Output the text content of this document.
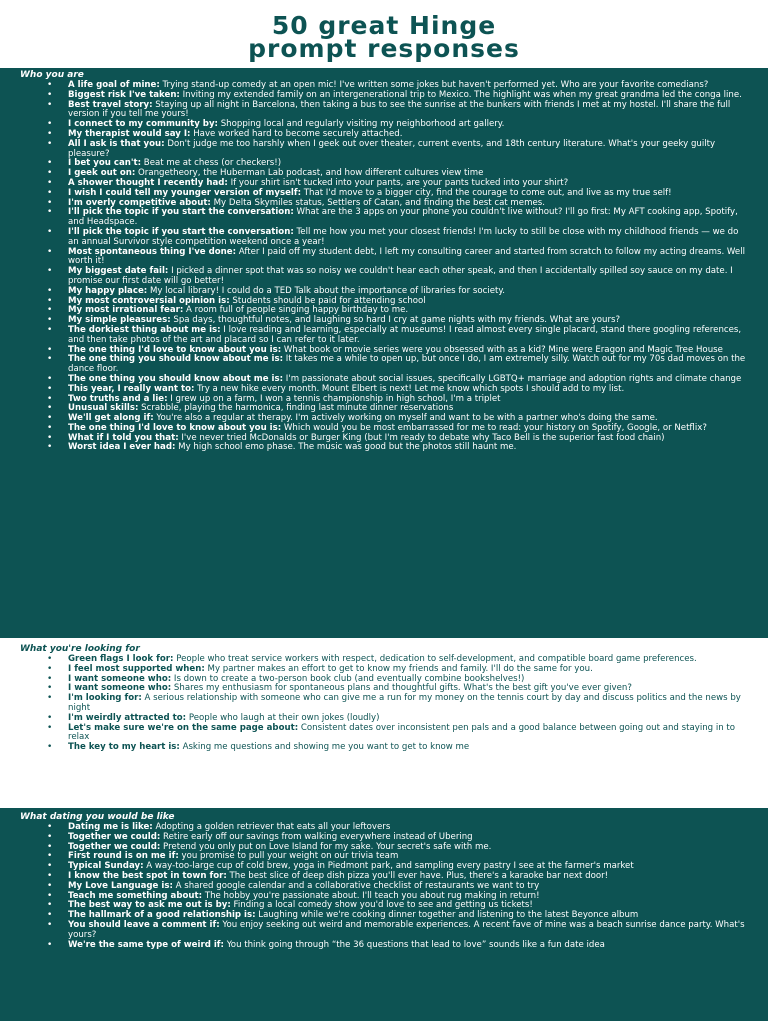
50 great Hinge
prompt responses
Who you are
• A life goal of mine: Trying stand-up comedy at an open mic! I've written some jokes but haven't performed yet. Who are your favorite comedians?
• Biggest risk I've taken: Inviting my extended family on an intergenerational trip to Mexico. The highlight was when my great grandma led the conga line.
• Best travel story: Staying up all night in Barcelona, then taking a bus to see the sunrise at the bunkers with friends I met at my hostel. I'll share the full version if you tell me yours!
• I connect to my community by: Shopping local and regularly visiting my neighborhood art gallery.
• My therapist would say I: Have worked hard to become securely attached.
• All I ask is that you: Don't judge me too harshly when I geek out over theater, current events, and 18th century literature. What's your geeky guilty pleasure?
• I bet you can't: Beat me at chess (or checkers!)
• I geek out on: Orangetheory, the Huberman Lab podcast, and how different cultures view time
• A shower thought I recently had: If your shirt isn't tucked into your pants, are your pants tucked into your shirt?
• I wish I could tell my younger version of myself: That I'd move to a bigger city, find the courage to come out, and live as my true self!
• I'm overly competitive about: My Delta Skymiles status, Settlers of Catan, and finding the best cat memes.
• I'll pick the topic if you start the conversation: What are the 3 apps on your phone you couldn't live without? I'll go first: My AFT cooking app, Spotify, and Headspace.
• I'll pick the topic if you start the conversation: Tell me how you met your closest friends! I'm lucky to still be close with my childhood friends — we do an annual Survivor style competition weekend once a year!
• Most spontaneous thing I've done: After I paid off my student debt, I left my consulting career and started from scratch to follow my acting dreams. Well worth it!
• My biggest date fail: I picked a dinner spot that was so noisy we couldn't hear each other speak, and then I accidentally spilled soy sauce on my date. I promise our first date will go better!
• My happy place: My local library! I could do a TED Talk about the importance of libraries for society.
• My most controversial opinion is: Students should be paid for attending school
• My most irrational fear: A room full of people singing happy birthday to me.
• My simple pleasures: Spa days, thoughtful notes, and laughing so hard I cry at game nights with my friends. What are yours?
• The dorkiest thing about me is: I love reading and learning, especially at museums! I read almost every single placard, stand there googling references, and then take photos of the art and placard so I can refer to it later.
• The one thing I'd love to know about you is: What book or movie series were you obsessed with as a kid? Mine were Eragon and Magic Tree House
• The one thing you should know about me is: It takes me a while to open up, but once I do, I am extremely silly. Watch out for my 70s dad moves on the dance floor.
• The one thing you should know about me is: I'm passionate about social issues, specifically LGBTQ+ marriage and adoption rights and climate change
• This year, I really want to: Try a new hike every month. Mount Elbert is next! Let me know which spots I should add to my list.
• Two truths and a lie: I grew up on a farm, I won a tennis championship in high school, I'm a triplet
• Unusual skills: Scrabble, playing the harmonica, finding last minute dinner reservations
• We'll get along if: You're also a regular at therapy. I'm actively working on myself and want to be with a partner who's doing the same.
• The one thing I'd love to know about you is: Which would you be most embarrassed for me to read: your history on Spotify, Google, or Netflix?
• What if I told you that: I've never tried McDonalds or Burger King (but I'm ready to debate why Taco Bell is the superior fast food chain)
• Worst idea I ever had: My high school emo phase. The music was good but the photos still haunt me.
What you're looking for
• Green flags I look for: People who treat service workers with respect, dedication to self-development, and compatible board game preferences.
• I feel most supported when: My partner makes an effort to get to know my friends and family. I'll do the same for you.
• I want someone who: Is down to create a two-person book club (and eventually combine bookshelves!)
• I want someone who: Shares my enthusiasm for spontaneous plans and thoughtful gifts. What's the best gift you've ever given?
• I'm looking for: A serious relationship with someone who can give me a run for my money on the tennis court by day and discuss politics and the news by night
• I'm weirdly attracted to: People who laugh at their own jokes (loudly)
• Let's make sure we're on the same page about: Consistent dates over inconsistent pen pals and a good balance between going out and staying in to relax
• The key to my heart is: Asking me questions and showing me you want to get to know me
What dating you would be like
• Dating me is like: Adopting a golden retriever that eats all your leftovers
• Together we could: Retire early off our savings from walking everywhere instead of Ubering
• Together we could: Pretend you only put on Love Island for my sake. Your secret's safe with me.
• First round is on me if: you promise to pull your weight on our trivia team
• Typical Sunday: A way-too-large cup of cold brew, yoga in Piedmont park, and sampling every pastry I see at the farmer's market
• I know the best spot in town for: The best slice of deep dish pizza you'll ever have. Plus, there's a karaoke bar next door!
• My Love Language is: A shared google calendar and a collaborative checklist of restaurants we want to try
• Teach me something about: The hobby you're passionate about. I'll teach you about rug making in return!
• The best way to ask me out is by: Finding a local comedy show you'd love to see and getting us tickets!
• The hallmark of a good relationship is: Laughing while we're cooking dinner together and listening to the latest Beyonce album
• You should leave a comment if: You enjoy seeking out weird and memorable experiences. A recent fave of mine was a beach sunrise dance party. What's yours?
• We're the same type of weird if: You think going through “the 36 questions that lead to love” sounds like a fun date idea
